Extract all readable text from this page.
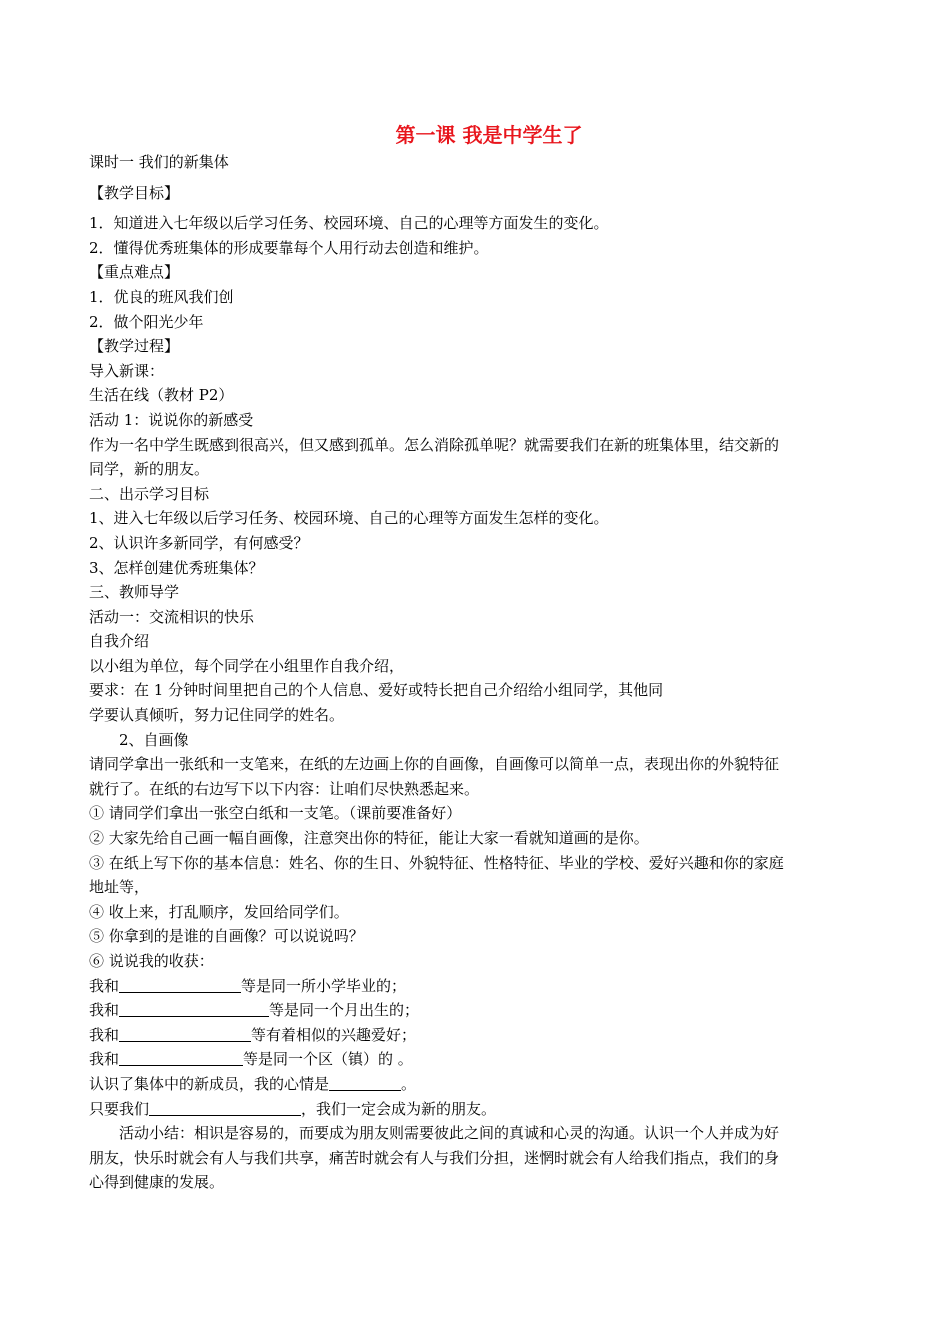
第一课 我是中学生了
课时一 我们的新集体
【教学目标】
1．知道进入七年级以后学习任务、校园环境、自己的心理等方面发生的变化。
2．懂得优秀班集体的形成要靠每个人用行动去创造和维护。
【重点难点】
1．优良的班风我们创
2．做个阳光少年
【教学过程】
导入新课：
生活在线（教材 P2）
活动 1：说说你的新感受
作为一名中学生既感到很高兴，但又感到孤单。怎么消除孤单呢？就需要我们在新的班集体里，结交新的
同学，新的朋友。
二、出示学习目标
1、进入七年级以后学习任务、校园环境、自己的心理等方面发生怎样的变化。
2、认识许多新同学，有何感受？
3、怎样创建优秀班集体？
三、教师导学
活动一：交流相识的快乐
自我介绍
以小组为单位，每个同学在小组里作自我介绍，
要求：在 1 分钟时间里把自己的个人信息、爱好或特长把自己介绍给小组同学，其他同
学要认真倾听，努力记住同学的姓名。
2、自画像
请同学拿出一张纸和一支笔来，在纸的左边画上你的自画像，自画像可以简单一点，表现出你的外貌特征
就行了。在纸的右边写下以下内容：让咱们尽快熟悉起来。
① 请同学们拿出一张空白纸和一支笔。（课前要准备好）
② 大家先给自己画一幅自画像，注意突出你的特征，能让大家一看就知道画的是你。
③ 在纸上写下你的基本信息：姓名、你的生日、外貌特征、性格特征、毕业的学校、爱好兴趣和你的家庭
地址等，
④ 收上来，打乱顺序，发回给同学们。
⑤ 你拿到的是谁的自画像？可以说说吗？
⑥ 说说我的收获：
我和	等是同一所小学毕业的；
我和	等是同一个月出生的；
我和	等有着相似的兴趣爱好；
我和	等是同一个区（镇）的 。
认识了集体中的新成员，我的心情是	。
只要我们	，我们一定会成为新的朋友。
活动小结：相识是容易的，而要成为朋友则需要彼此之间的真诚和心灵的沟通。认识一个人并成为好
朋友，快乐时就会有人与我们共享，痛苦时就会有人与我们分担，迷惘时就会有人给我们指点，我们的身
心得到健康的发展。
